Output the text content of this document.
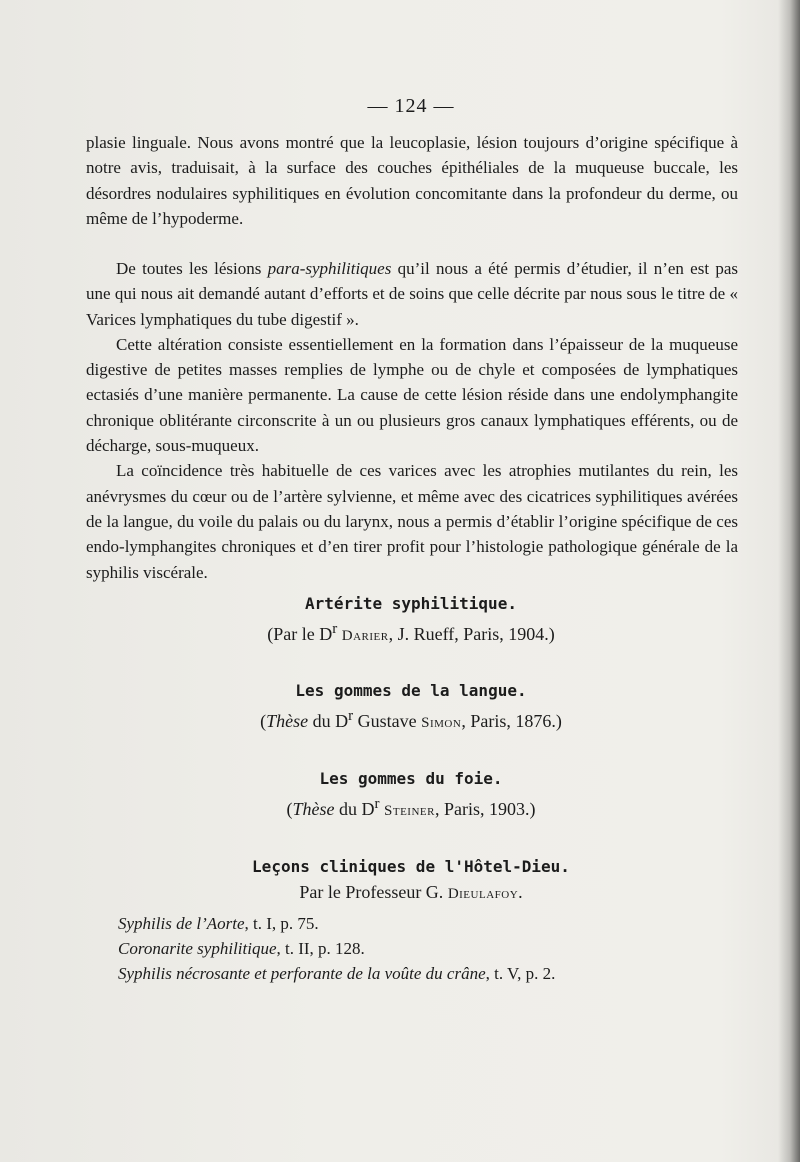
— 124 —

plasie linguale. Nous avons montré que la leucoplasie, lésion toujours d’origine spécifique à notre avis, traduisait, à la surface des couches épithéliales de la muqueuse buccale, les désordres nodulaires syphilitiques en évolution concomitante dans la profondeur du derme, ou même de l’hypoderme.

De toutes les lésions para-syphilitiques qu’il nous a été permis d’étudier, il n’en est pas une qui nous ait demandé autant d’efforts et de soins que celle décrite par nous sous le titre de « Varices lymphatiques du tube digestif ».

Cette altération consiste essentiellement en la formation dans l’épaisseur de la muqueuse digestive de petites masses remplies de lymphe ou de chyle et composées de lymphatiques ectasiés d’une manière permanente. La cause de cette lésion réside dans une endolymphangite chronique oblitérante circonscrite à un ou plusieurs gros canaux lymphatiques efférents, ou de décharge, sous-muqueux.

La coïncidence très habituelle de ces varices avec les atrophies mutilantes du rein, les anévrysmes du cœur ou de l’artère sylvienne, et même avec des cicatrices syphilitiques avérées de la langue, du voile du palais ou du larynx, nous a permis d’établir l’origine spécifique de ces endo-lymphangites chroniques et d’en tirer profit pour l’histologie pathologique générale de la syphilis viscérale.

Artérite syphilitique.
(Par le $D^r$ Darier, J. Rueff, Paris, 1904.)
Les gommes de la langue.
(Thèse du $D^r$ Gustave Simon, Paris, 1876.)
Les gommes du foie.
(Thèse du $D^r$ Steiner, Paris, 1903.)
Leçons cliniques de l'Hôtel-Dieu.
Par le Professeur G. Dieulafoy.
Syphilis de l’Aorte, t. I, p. 75.
Coronarite syphilitique, t. II, p. 128.
Syphilis nécrosante et perforante de la voûte du crâne, t. V, p. 2.
